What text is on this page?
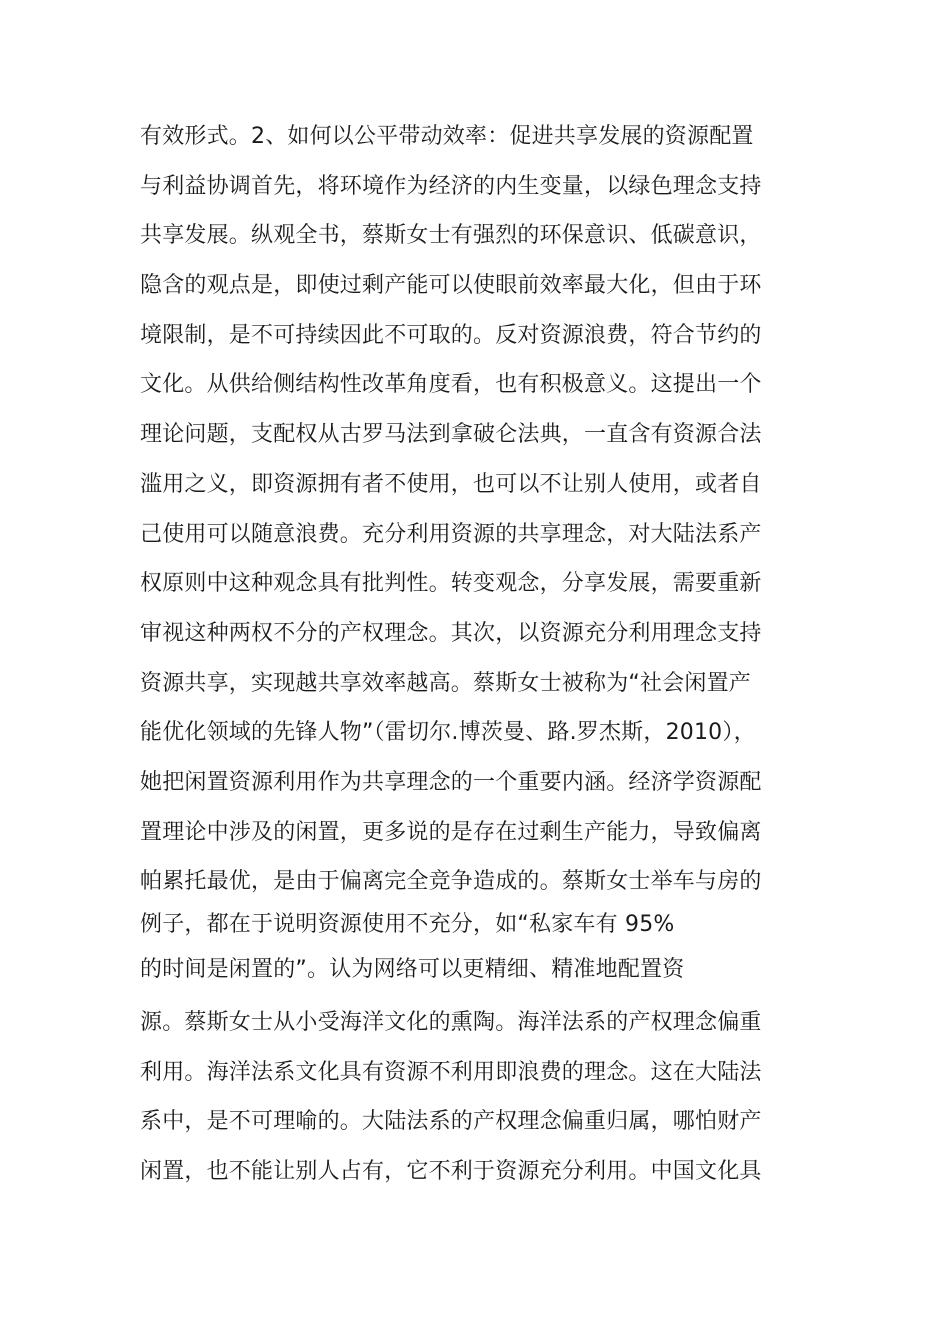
有效形式。2、如何以公平带动效率：促进共享发展的资源配置
与利益协调首先，将环境作为经济的内生变量，以绿色理念支持
共享发展。纵观全书，蔡斯女士有强烈的环保意识、低碳意识，
隐含的观点是，即使过剩产能可以使眼前效率最大化，但由于环
境限制，是不可持续因此不可取的。反对资源浪费，符合节约的
文化。从供给侧结构性改革角度看，也有积极意义。这提出一个
理论问题，支配权从古罗马法到拿破仑法典，一直含有资源合法
滥用之义，即资源拥有者不使用，也可以不让别人使用，或者自
己使用可以随意浪费。充分利用资源的共享理念，对大陆法系产
权原则中这种观念具有批判性。转变观念，分享发展，需要重新
审视这种两权不分的产权理念。其次，以资源充分利用理念支持
资源共享，实现越共享效率越高。蔡斯女士被称为“社会闲置产
能优化领域的先锋人物”（雷切尔.博茨曼、路.罗杰斯，2010），
她把闲置资源利用作为共享理念的一个重要内涵。经济学资源配
置理论中涉及的闲置，更多说的是存在过剩生产能力，导致偏离
帕累托最优，是由于偏离完全竞争造成的。蔡斯女士举车与房的
例子，都在于说明资源使用不充分，如“私家车有 95%
的时间是闲置的”。认为网络可以更精细、精准地配置资
源。蔡斯女士从小受海洋文化的熏陶。海洋法系的产权理念偏重
利用。海洋法系文化具有资源不利用即浪费的理念。这在大陆法
系中，是不可理喻的。大陆法系的产权理念偏重归属，哪怕财产
闲置，也不能让别人占有，它不利于资源充分利用。中国文化具
